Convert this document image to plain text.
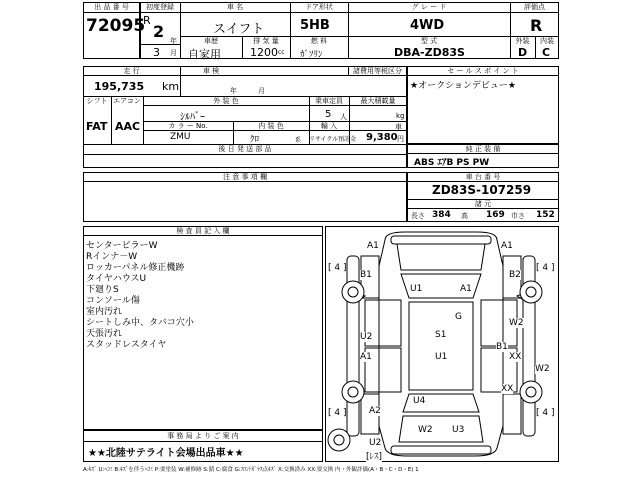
出 品 番 号
72095
初度登録
R
2 年
3 月
車 名
スイフト
ドア形状
5HB
グ レ ー ド
4WD
評価点
R
車歴
自家用
排 気 量
1200 cc
燃 料
ｶﾞｿﾘﾝ
型 式
DBA-ZD83S
外装	内装
D C
走 行
195,735 km
車 検
年	月
諸費用等税区分
シフト エアコン
FAT AAC
外 装 色
ｼﾙﾊﾞｰ
カ ラ ー No.	内 装 色
ZMU	ｸﾛ	系
乗車定員	最大積載量
5 人	kg
輸 入	車
リサイクル預託金 9,380 円
後 日 発 送 部 品
セ ー ル ス ポ イ ン ト
★オークションデビュー★
純 正 装 備
ABS ｴｱB PS PW
注 意 事 項 欄	車 台 番 号
ZD83S-107259
諸 元
長さ 384 高 169 巾さ 152
検 査 員 記 入 欄
センターピラーW
Rインナ－W
ロッカーパネル修正機跡
タイヤハウスU
下廻りS
コンソール傷
室内汚れ
シートしみ中、タバコ穴小
天張汚れ
スタッドレスタイヤ
事 務 局 よ り ご 案 内
★★北陸サテライト会場出品車★★
A1	A1
B1	B2
U1	A1
G
W2
S1
U2
B1
XX
A1	U1
W2
XX
U4
A2
U2
W2 U3
[ 4 ]	[ 4 ]
[ 4 ]	[ 4 ]
[ﾚｽ]
A:ｷｽﾞ U:ﾍｺﾐ B:ｷｽﾞを伴うﾍｺﾐ P:要塗装 W:補修跡 S:錆 C:腐食 G:ﾌﾛﾝﾄｶﾞﾗｽ点ｷｽﾞ X:交換済み XX:要交換 内・外観評価(A・B・C・D・E) 1
